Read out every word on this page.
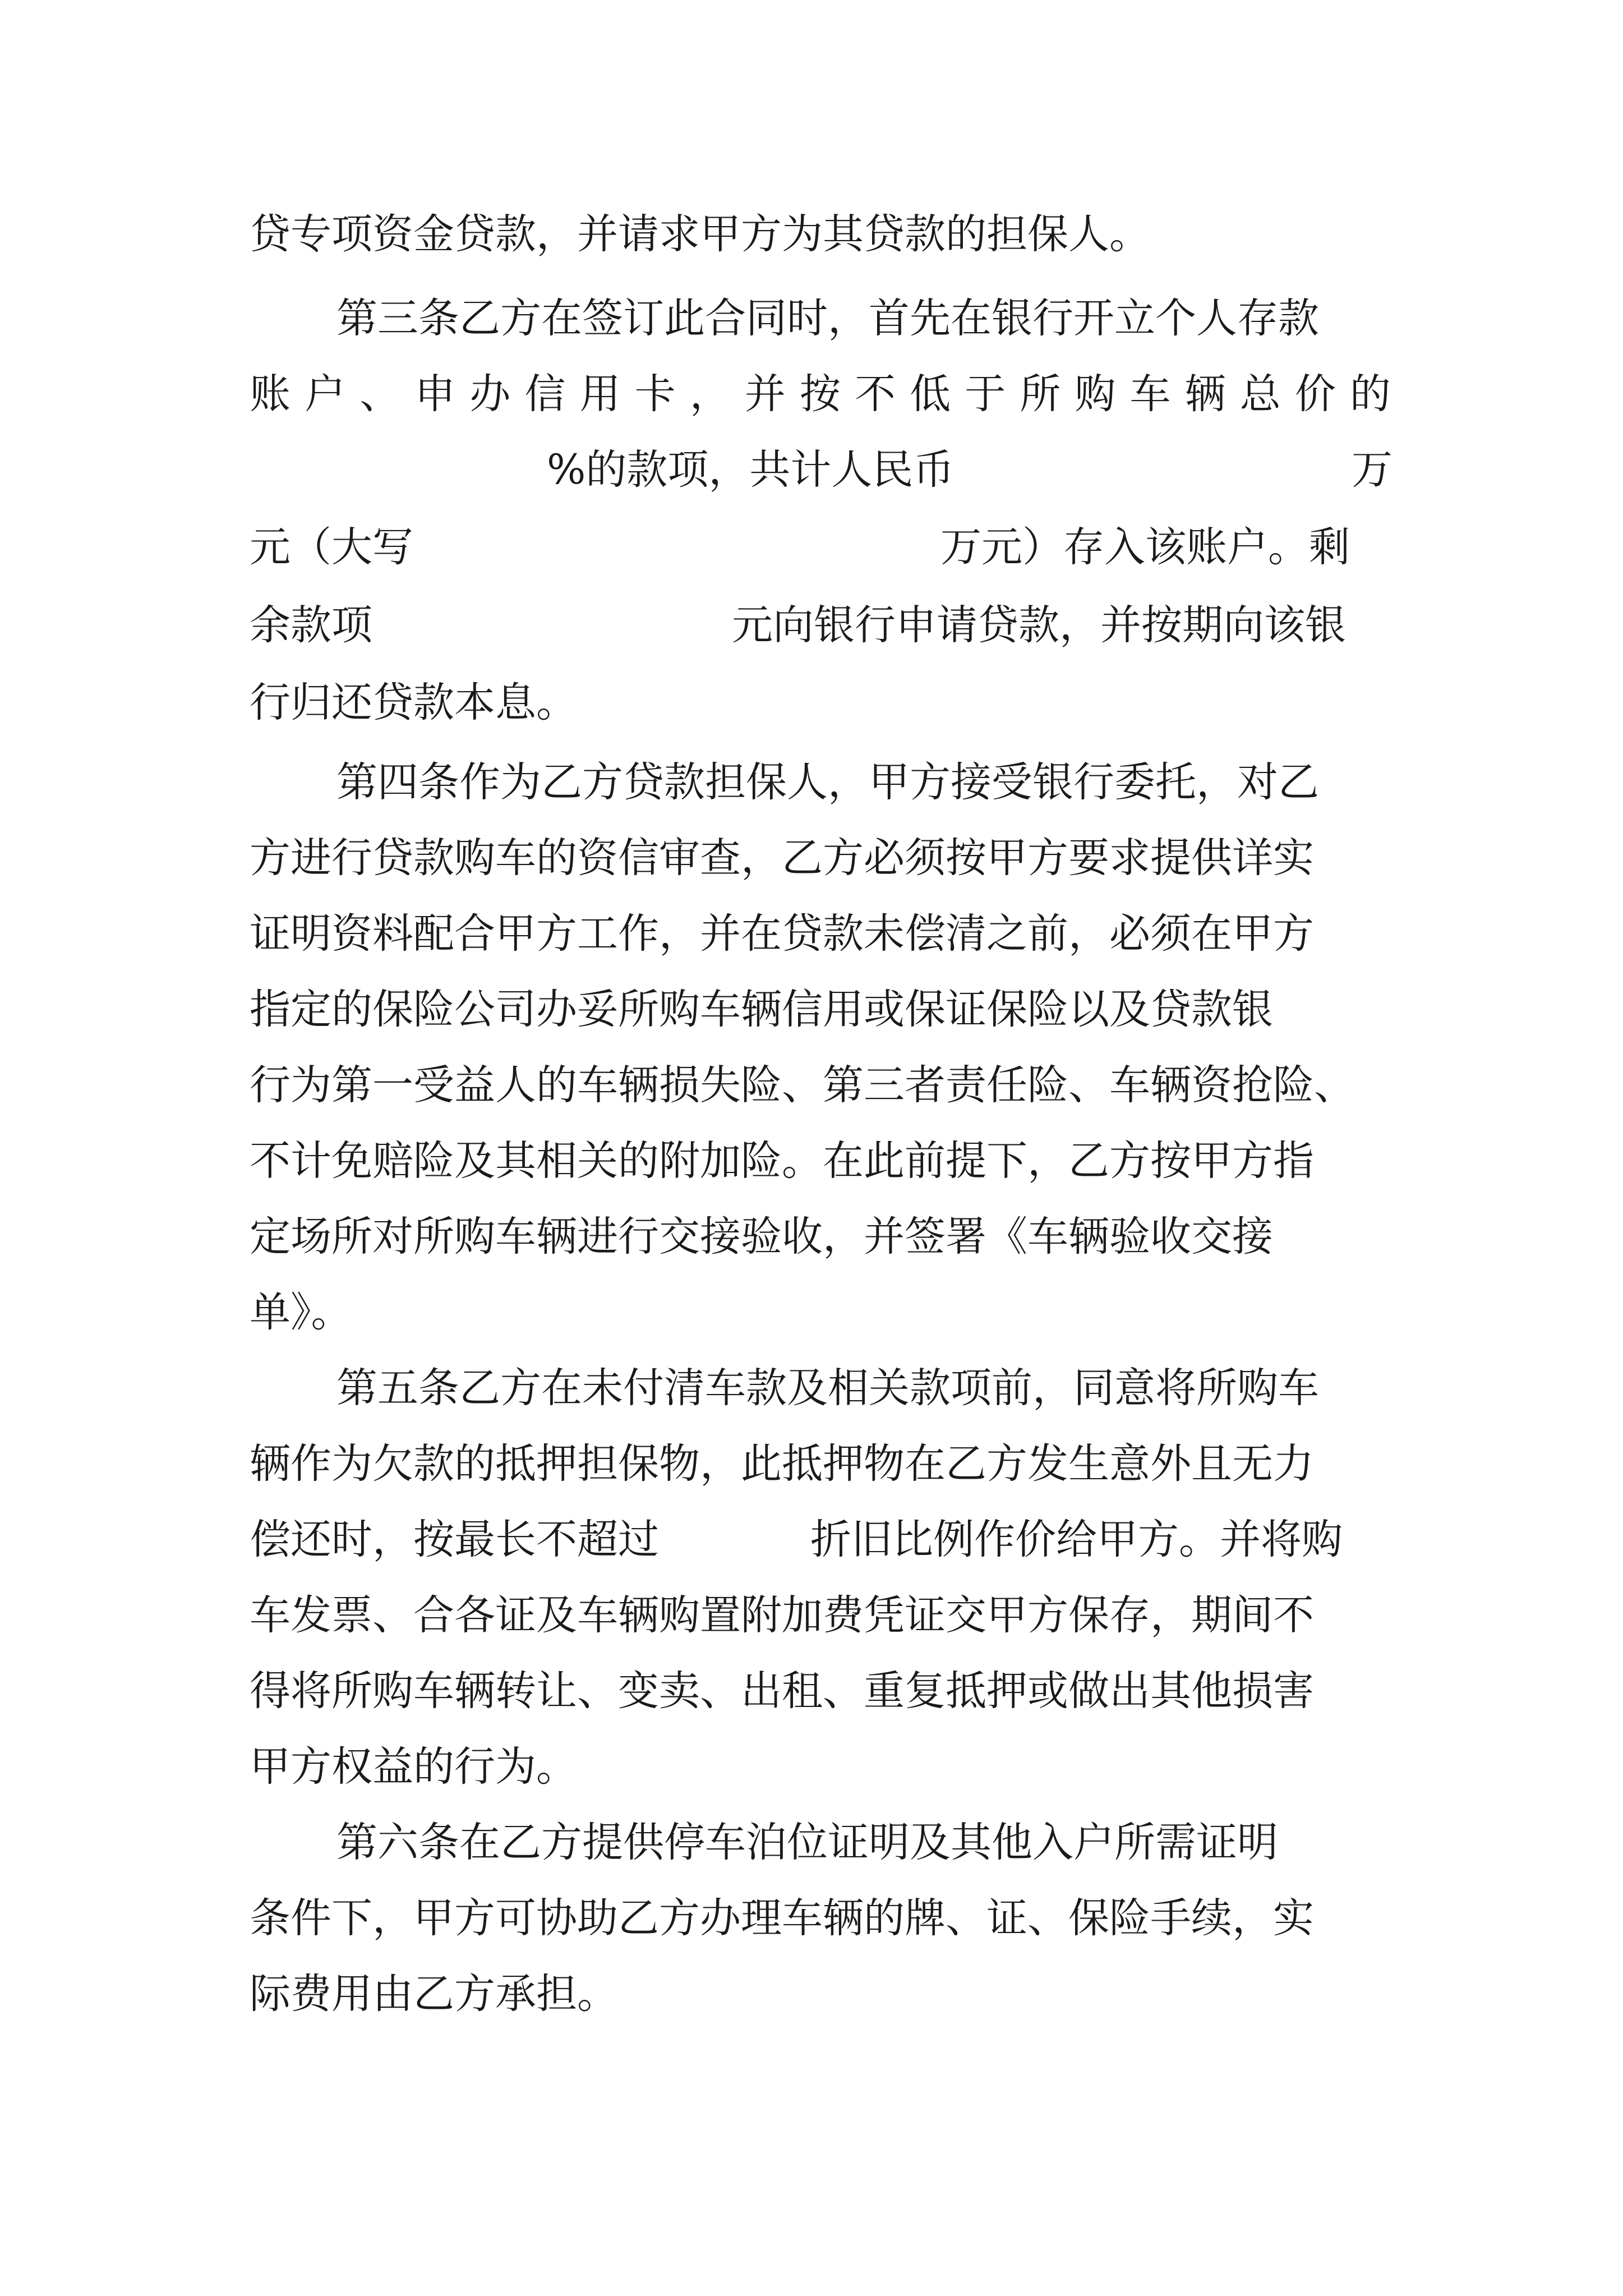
贷专项资金贷款，并请求甲方为其贷款的担保人。
第三条乙方在签订此合同时，首先在银行开立个人存款
账 户 、 申 办 信 用 卡 ， 并 按 不 低 于 所 购 车 辆 总 价 的
%的款项，共计人民币	万
元（大写	万元）存入该账户。剩
余款项	元向银行申请贷款，并按期向该银
行归还贷款本息。
第四条作为乙方贷款担保人，甲方接受银行委托，对乙
方进行贷款购车的资信审查，乙方必须按甲方要求提供详实
证明资料配合甲方工作，并在贷款未偿清之前，必须在甲方
指定的保险公司办妥所购车辆信用或保证保险以及贷款银
行为第一受益人的车辆损失险、第三者责任险、车辆资抢险、
不计免赔险及其相关的附加险。在此前提下，乙方按甲方指
定场所对所购车辆进行交接验收，并签署《车辆验收交接
单》。
第五条乙方在未付清车款及相关款项前，同意将所购车
辆作为欠款的抵押担保物，此抵押物在乙方发生意外且无力
偿还时，按最长不超过	折旧比例作价给甲方。并将购
车发票、合各证及车辆购置附加费凭证交甲方保存，期间不
得将所购车辆转让、变卖、出租、重复抵押或做出其他损害
甲方权益的行为。
第六条在乙方提供停车泊位证明及其他入户所需证明
条件下，甲方可协助乙方办理车辆的牌、证、保险手续，实
际费用由乙方承担。
